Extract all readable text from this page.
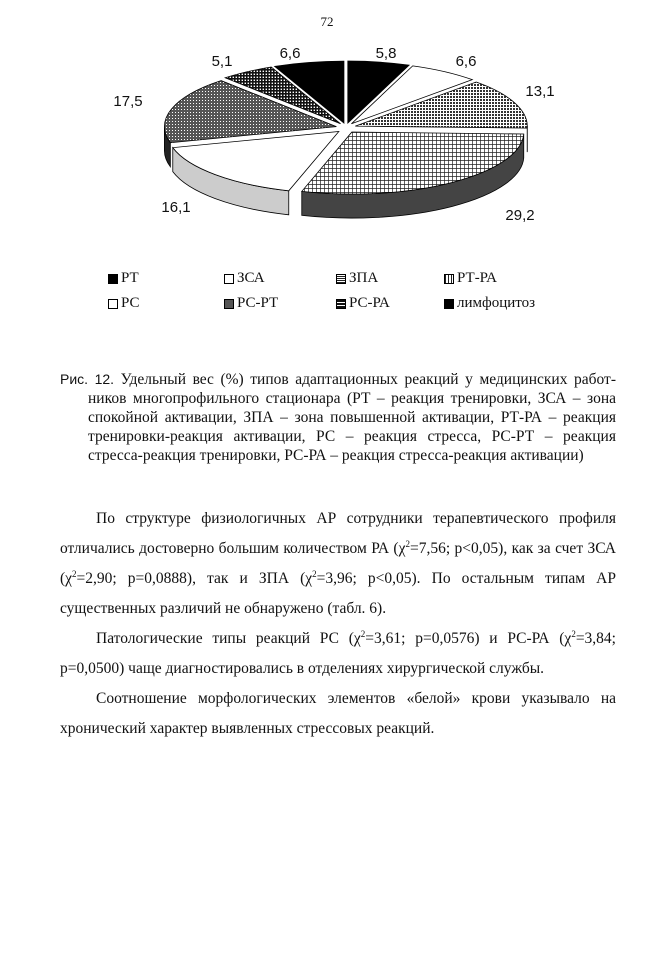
72
5,8	6,6
13,1
29,2
16,1
17,5
5,1	6,6
РТ	ЗСА	ЗПА	РТ-РА
РС	РС-РТ	РС-РА	лимфоцитоз
Рис. 12. Удельный вес (%) типов адаптационных реакций у медицинских работ-
ников многопрофильного стационара (РТ – реакция тренировки, ЗСА – зона спокойной активации, ЗПА – зона повышенной активации, РТ-РА – реакция тренировки-реакция активации, РС – реакция стресса, РС-РТ – реакция стресса-реакция тренировки, РС-РА – реакция стресса-реакция активации)

По структуре физиологичных АР сотрудники терапевтического профиля отличались достоверно большим количеством РА ($\chi^2=7,56$; р<0,05), как за счет ЗСА ($\chi^2=2,90$; р=0,0888), так и ЗПА ($\chi^2=3,96$; р<0,05). По остальным типам АР существенных различий не обнаружено (табл. 6).

Патологические типы реакций РС ($\chi^2=3,61$; р=0,0576) и РС-РА ($\chi^2=3,84$; р=0,0500) чаще диагностировались в отделениях хирургической службы.

Соотношение морфологических элементов «белой» крови указывало на хронический характер выявленных стрессовых реакций.
